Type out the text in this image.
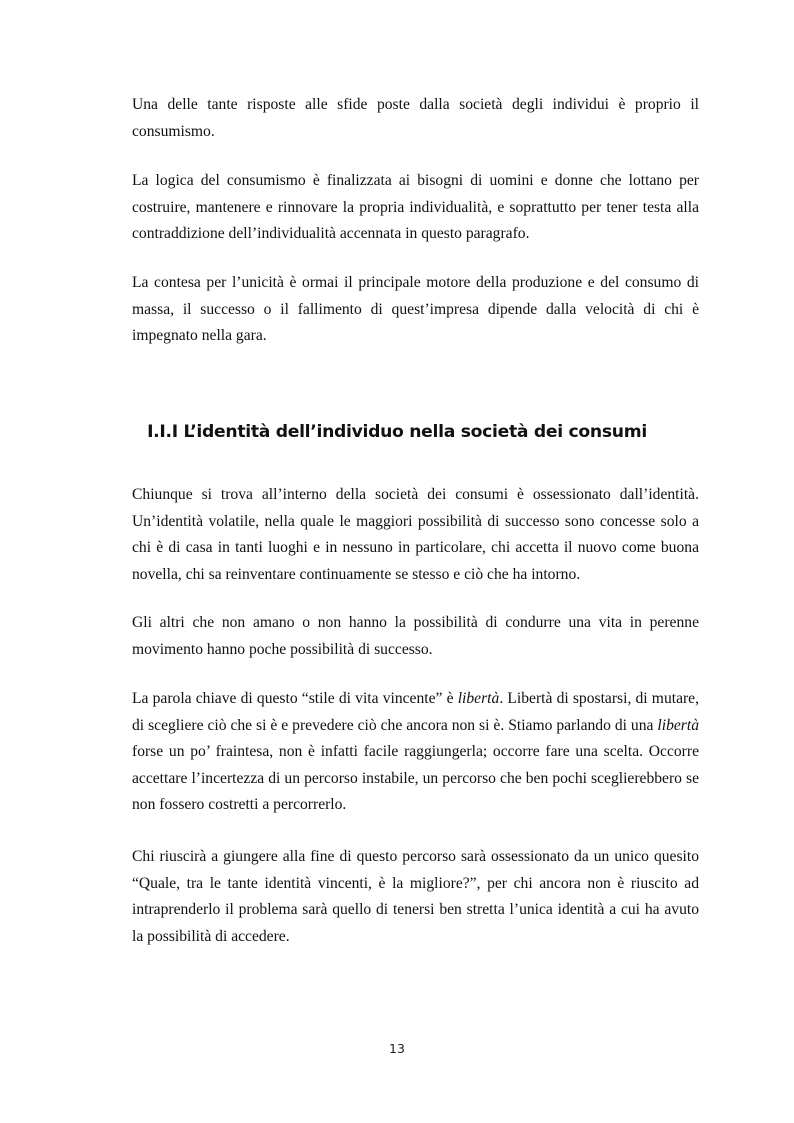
Una delle tante risposte alle sfide poste dalla società degli individui è proprio il consumismo.

La logica del consumismo è finalizzata ai bisogni di uomini e donne che lottano per costruire, mantenere e rinnovare la propria individualità, e soprattutto per tener testa alla contraddizione dell’individualità accennata in questo paragrafo.

La contesa per l’unicità è ormai il principale motore della produzione e del consumo di massa, il successo o il fallimento di quest’impresa dipende dalla velocità di chi è impegnato nella gara.

I.I.I L’identità dell’individuo nella società dei consumi

Chiunque si trova all’interno della società dei consumi è ossessionato dall’identità. Un’identità volatile, nella quale le maggiori possibilità di successo sono concesse solo a chi è di casa in tanti luoghi e in nessuno in particolare, chi accetta il nuovo come buona novella, chi sa reinventare continuamente se stesso e ciò che ha intorno.

Gli altri che non amano o non hanno la possibilità di condurre una vita in perenne movimento hanno poche possibilità di successo.

La parola chiave di questo “stile di vita vincente” è libertà. Libertà di spostarsi, di mutare, di scegliere ciò che si è e prevedere ciò che ancora non si è. Stiamo parlando di una libertà forse un po’ fraintesa, non è infatti facile raggiungerla; occorre fare una scelta. Occorre accettare l’incertezza di un percorso instabile, un percorso che ben pochi sceglierebbero se non fossero costretti a percorrerlo.

Chi riuscirà a giungere alla fine di questo percorso sarà ossessionato da un unico quesito “Quale, tra le tante identità vincenti, è la migliore?”, per chi ancora non è riuscito ad intraprenderlo il problema sarà quello di tenersi ben stretta l’unica identità a cui ha avuto la possibilità di accedere.

13
